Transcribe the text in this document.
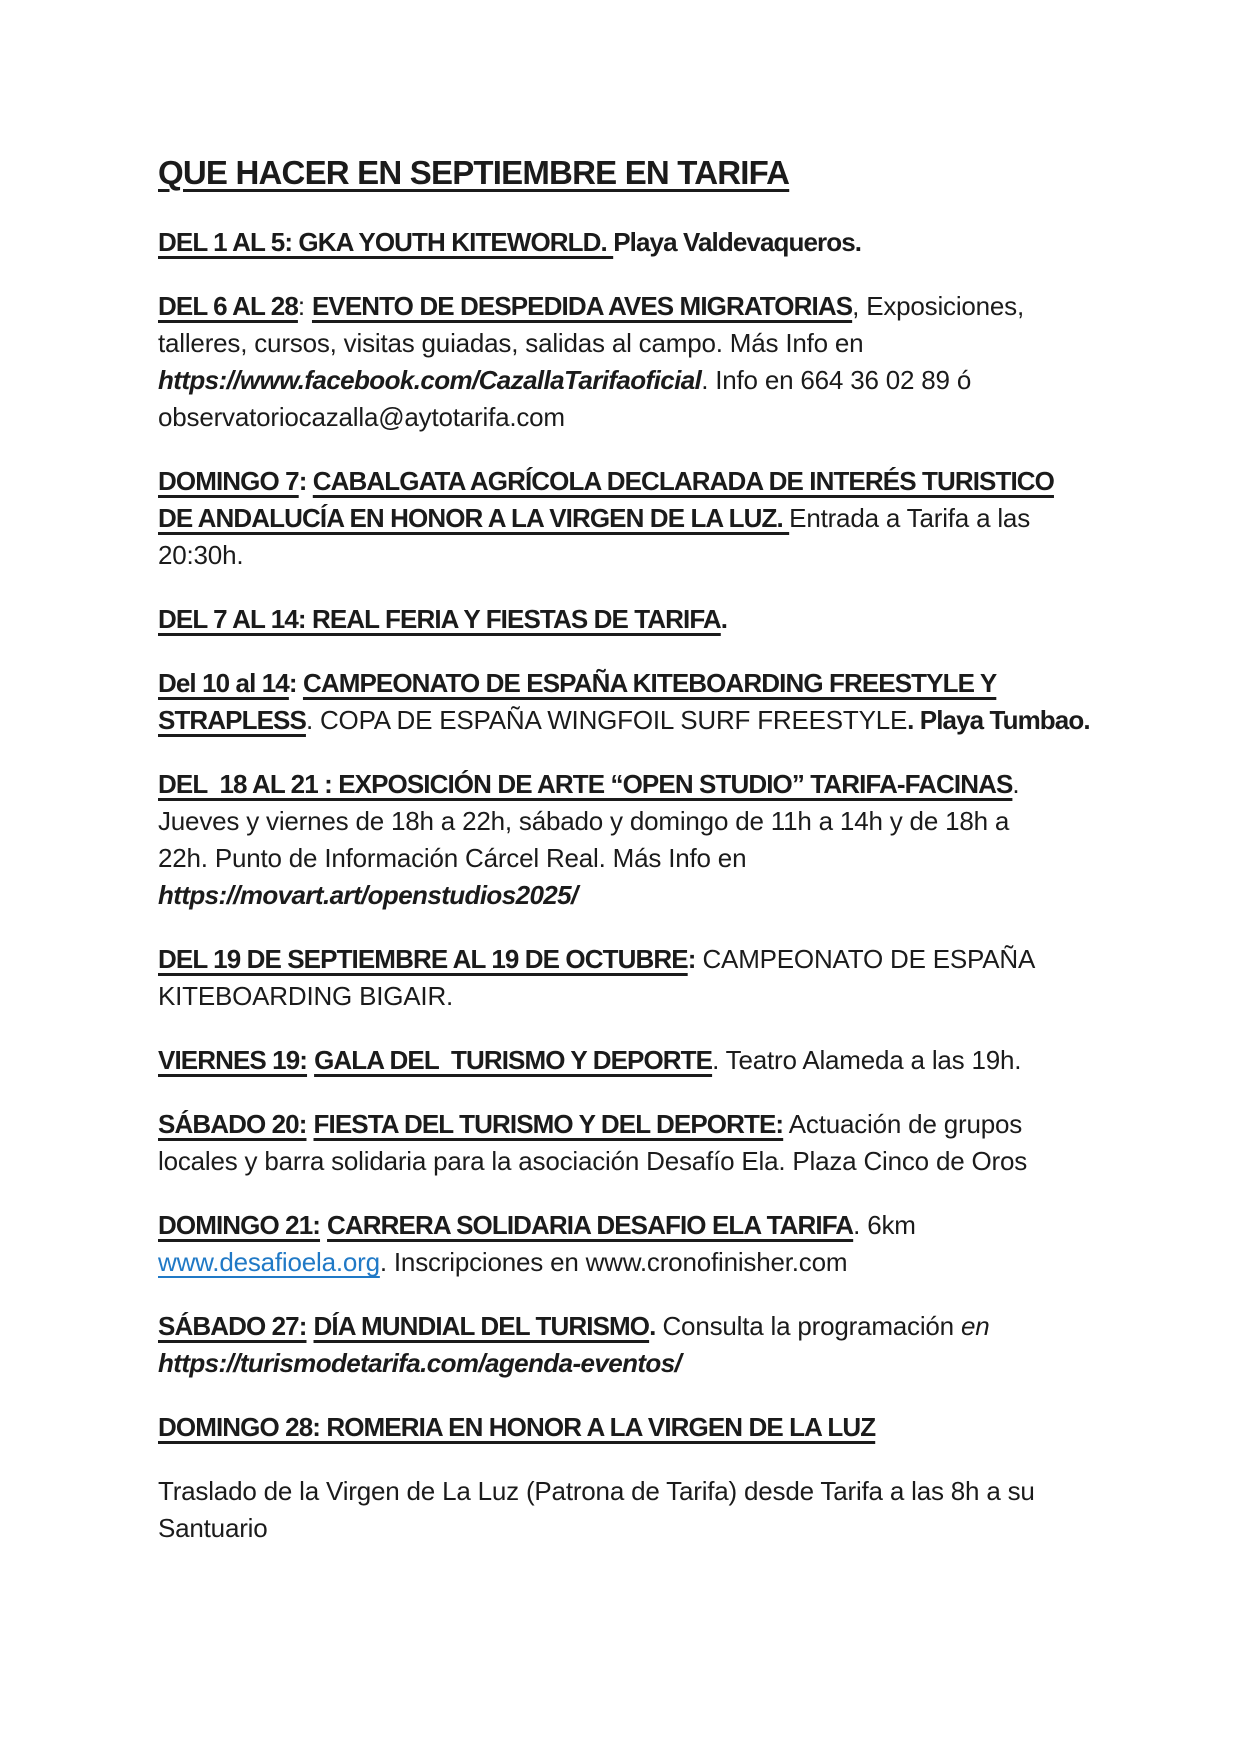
QUE HACER EN SEPTIEMBRE EN TARIFA
DEL 1 AL 5: GKA YOUTH KITEWORLD. Playa Valdevaqueros.
DEL 6 AL 28: EVENTO DE DESPEDIDA AVES MIGRATORIAS, Exposiciones,
talleres, cursos, visitas guiadas, salidas al campo. Más Info en
https://www.facebook.com/CazallaTarifaoficial. Info en 664 36 02 89 ó
observatoriocazalla@aytotarifa.com
DOMINGO 7: CABALGATA AGRÍCOLA DECLARADA DE INTERÉS TURISTICO
DE ANDALUCÍA EN HONOR A LA VIRGEN DE LA LUZ. Entrada a Tarifa a las
20:30h.
DEL 7 AL 14: REAL FERIA Y FIESTAS DE TARIFA.
Del 10 al 14: CAMPEONATO DE ESPAÑA KITEBOARDING FREESTYLE Y
STRAPLESS. COPA DE ESPAÑA WINGFOIL SURF FREESTYLE. Playa Tumbao.
DEL  18 AL 21 : EXPOSICIÓN DE ARTE “OPEN STUDIO” TARIFA-FACINAS.
Jueves y viernes de 18h a 22h, sábado y domingo de 11h a 14h y de 18h a
22h. Punto de Información Cárcel Real. Más Info en
https://movart.art/openstudios2025/
DEL 19 DE SEPTIEMBRE AL 19 DE OCTUBRE: CAMPEONATO DE ESPAÑA
KITEBOARDING BIGAIR.
VIERNES 19: GALA DEL  TURISMO Y DEPORTE. Teatro Alameda a las 19h.
SÁBADO 20: FIESTA DEL TURISMO Y DEL DEPORTE: Actuación de grupos
locales y barra solidaria para la asociación Desafío Ela. Plaza Cinco de Oros
DOMINGO 21: CARRERA SOLIDARIA DESAFIO ELA TARIFA. 6km
www.desafioela.org. Inscripciones en www.cronofinisher.com
SÁBADO 27: DÍA MUNDIAL DEL TURISMO. Consulta la programación en
https://turismodetarifa.com/agenda-eventos/
DOMINGO 28: ROMERIA EN HONOR A LA VIRGEN DE LA LUZ
Traslado de la Virgen de La Luz (Patrona de Tarifa) desde Tarifa a las 8h a su
Santuario
